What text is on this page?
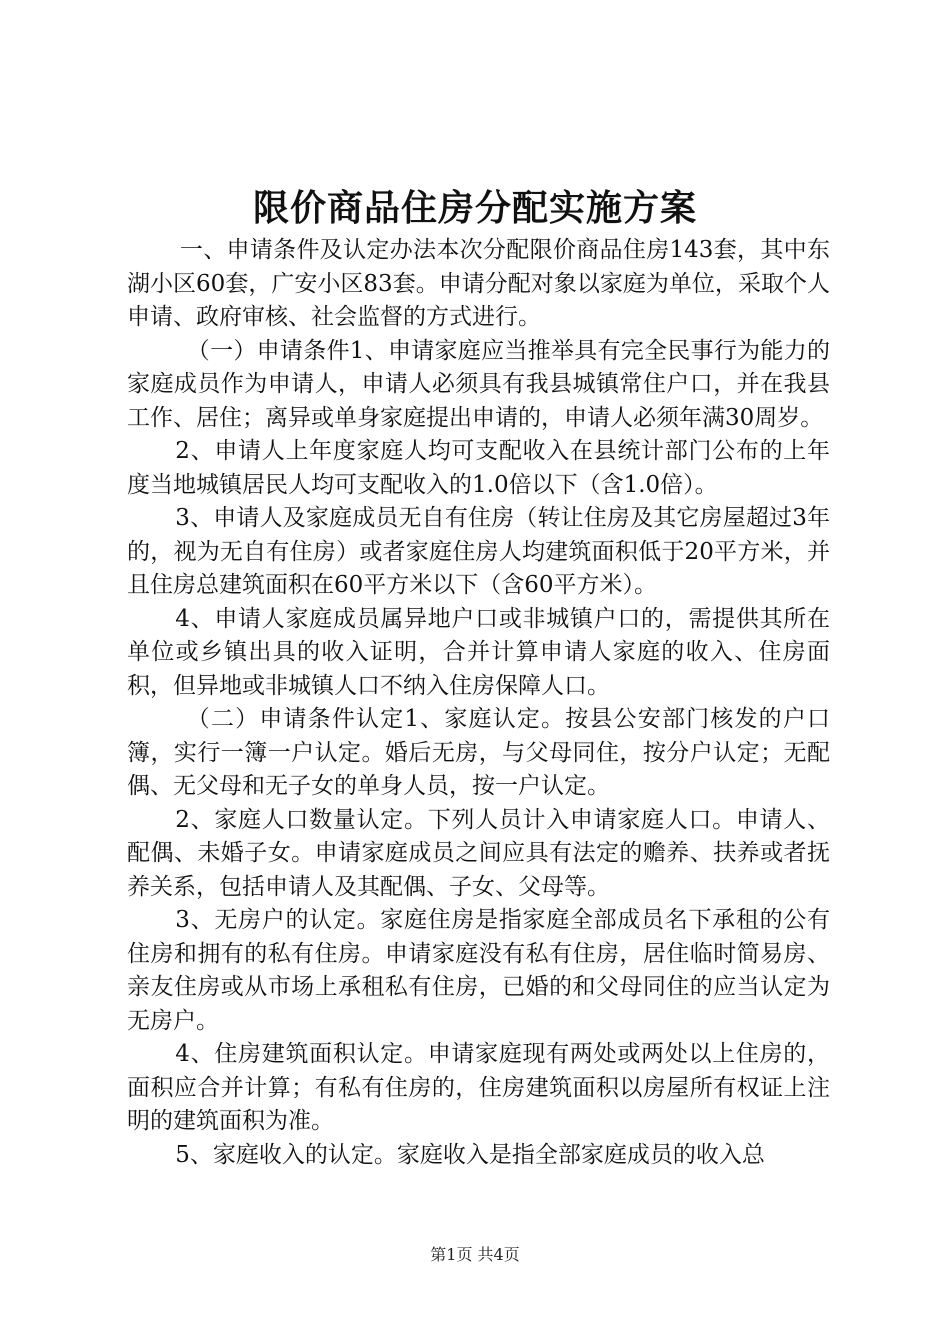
限价商品住房分配实施方案

一、申请条件及认定办法本次分配限价商品住房143套，其中东湖小区60套，广安小区83套。申请分配对象以家庭为单位，采取个人申请、政府审核、社会监督的方式进行。

（一）申请条件1、申请家庭应当推举具有完全民事行为能力的家庭成员作为申请人，申请人必须具有我县城镇常住户口，并在我县工作、居住；离异或单身家庭提出申请的，申请人必须年满30周岁。

2、申请人上年度家庭人均可支配收入在县统计部门公布的上年度当地城镇居民人均可支配收入的1.0倍以下（含1.0倍）。

3、申请人及家庭成员无自有住房（转让住房及其它房屋超过3年的，视为无自有住房）或者家庭住房人均建筑面积低于20平方米，并且住房总建筑面积在60平方米以下（含60平方米）。

4、申请人家庭成员属异地户口或非城镇户口的，需提供其所在单位或乡镇出具的收入证明，合并计算申请人家庭的收入、住房面积，但异地或非城镇人口不纳入住房保障人口。

（二）申请条件认定1、家庭认定。按县公安部门核发的户口簿，实行一簿一户认定。婚后无房，与父母同住，按分户认定；无配偶、无父母和无子女的单身人员，按一户认定。

2、家庭人口数量认定。下列人员计入申请家庭人口。申请人、配偶、未婚子女。申请家庭成员之间应具有法定的赡养、扶养或者抚养关系，包括申请人及其配偶、子女、父母等。

3、无房户的认定。家庭住房是指家庭全部成员名下承租的公有住房和拥有的私有住房。申请家庭没有私有住房，居住临时简易房、亲友住房或从市场上承租私有住房，已婚的和父母同住的应当认定为无房户。

4、住房建筑面积认定。申请家庭现有两处或两处以上住房的，面积应合并计算；有私有住房的，住房建筑面积以房屋所有权证上注明的建筑面积为准。

5、家庭收入的认定。家庭收入是指全部家庭成员的收入总

第1页 共4页
